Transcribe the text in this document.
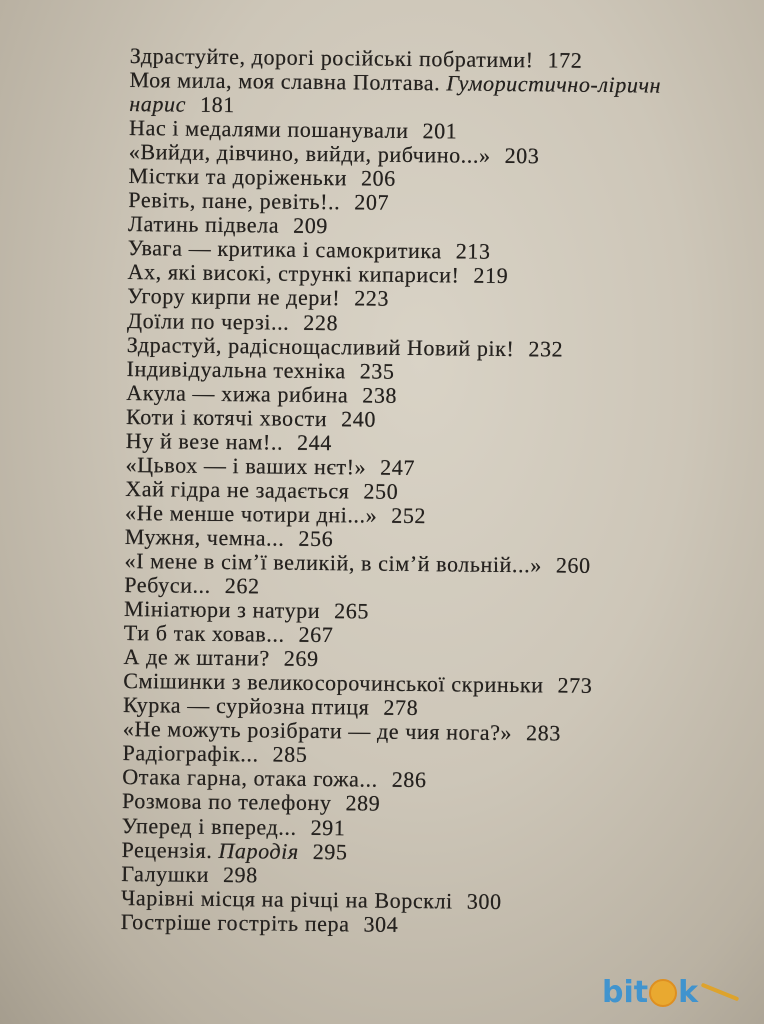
Здрастуйте, дорогі російські побратими! 172
Моя мила, моя славна Полтава. Гумористично-ліричн
нарис 181
Нас і медалями пошанували 201
«Вийди, дівчино, вийди, рибчино...» 203
Містки та доріженьки 206
Ревіть, пане, ревіть!.. 207
Латинь підвела 209
Увага — критика і самокритика 213
Ах, які високі, стрункі кипариси! 219
Угору кирпи не дери! 223
Доїли по черзі... 228
Здрастуй, радіснощасливий Новий рік! 232
Індивідуальна техніка 235
Акула — хижа рибина 238
Коти і котячі хвости 240
Ну й везе нам!.. 244
«Цьвох — і ваших нєт!» 247
Хай гідра не задається 250
«Не менше чотири дні...» 252
Мужня, чемна... 256
«І мене в сім’ї великій, в сім’й вольній...» 260
Ребуси... 262
Мініатюри з натури 265
Ти б так ховав... 267
А де ж штани? 269
Смішинки з великосорочинської скриньки 273
Курка — сурйозна птиця 278
«Не можуть розібрати — де чия нога?» 283
Радіографік... 285
Отака гарна, отака гожа... 286
Розмова по телефону 289
Уперед і вперед... 291
Рецензія. Пародія 295
Галушки 298
Чарівні місця на річці на Ворсклі 300
Гостріше гостріть пера 304
bit k
